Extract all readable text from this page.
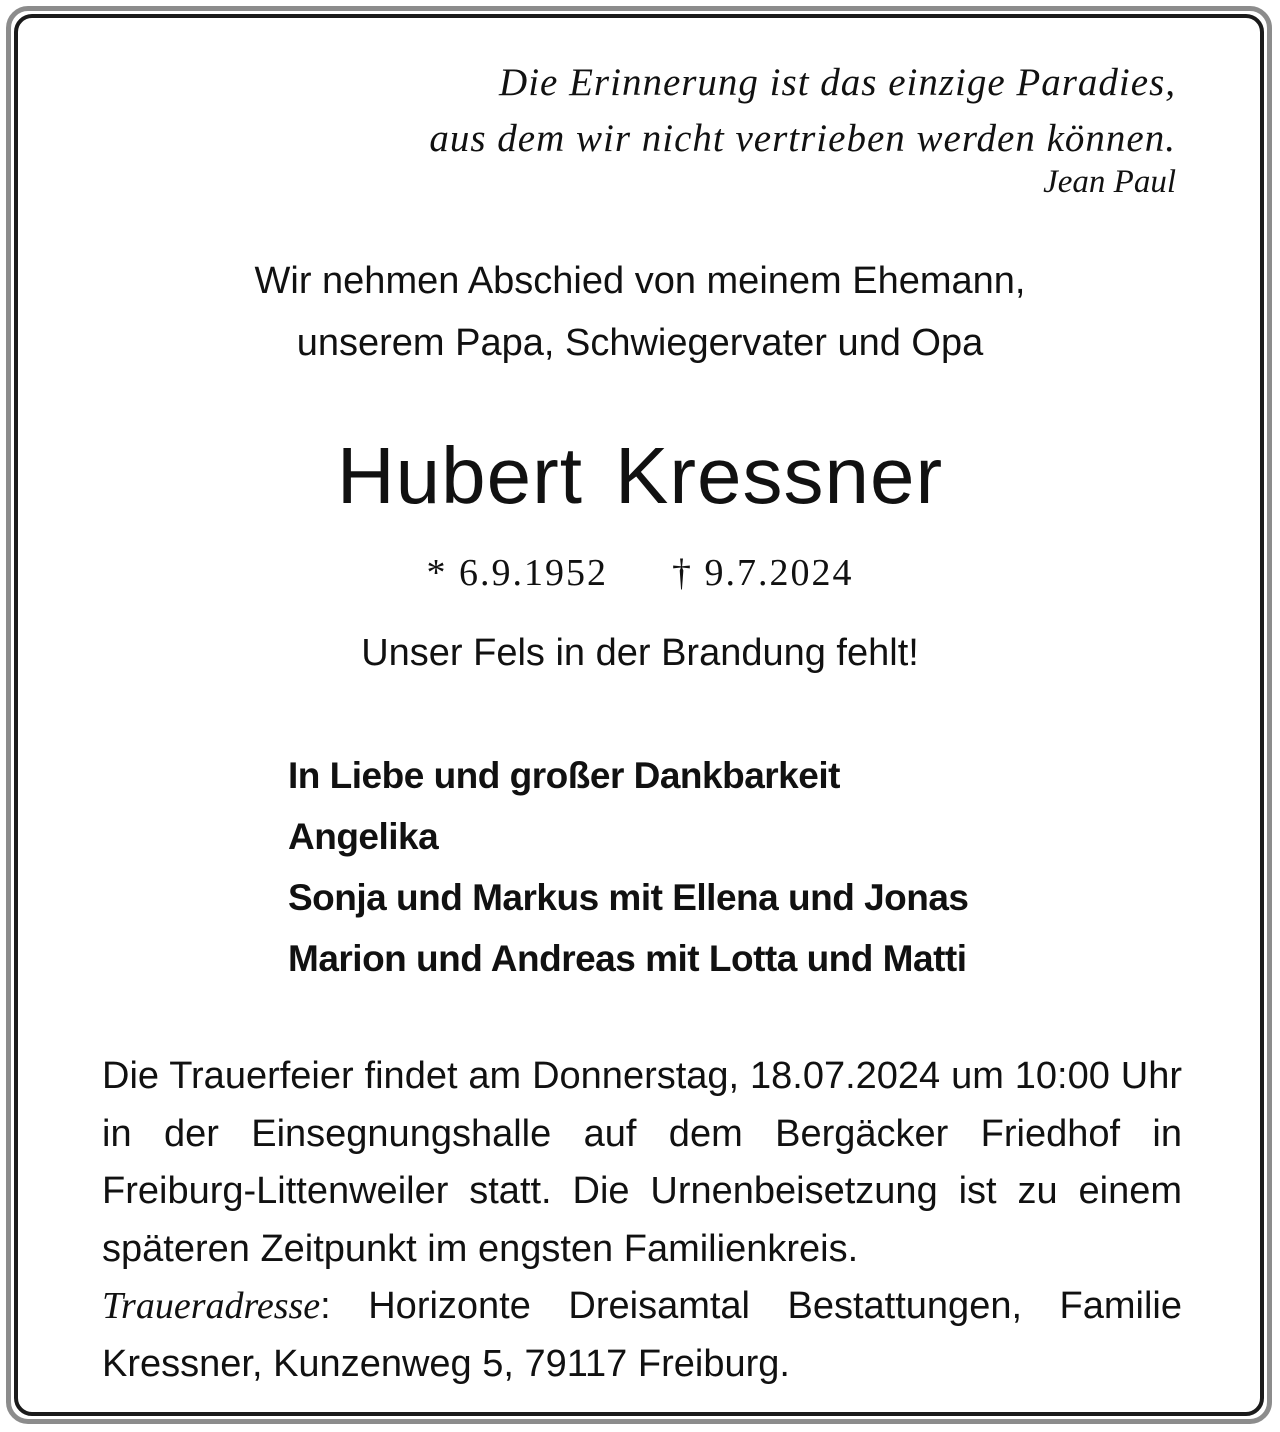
Die Erinnerung ist das einzige Paradies,
aus dem wir nicht vertrieben werden können.
Jean Paul
Wir nehmen Abschied von meinem Ehemann,
unserem Papa, Schwiegervater und Opa
Hubert Kressner
* 6.9.1952 † 9.7.2024
Unser Fels in der Brandung fehlt!
In Liebe und großer Dankbarkeit
Angelika
Sonja und Markus mit Ellena und Jonas
Marion und Andreas mit Lotta und Matti

Die Trauerfeier findet am Donnerstag, 18.07.2024 um 10:00 Uhr in der Einsegnungshalle auf dem Bergäcker Friedhof in Freiburg-Littenweiler statt. Die Urnenbeisetzung ist zu einem späteren Zeitpunkt im engsten Familienkreis.

Traueradresse: Horizonte Dreisamtal Bestattungen, Familie Kressner, Kunzenweg 5, 79117 Freiburg.
